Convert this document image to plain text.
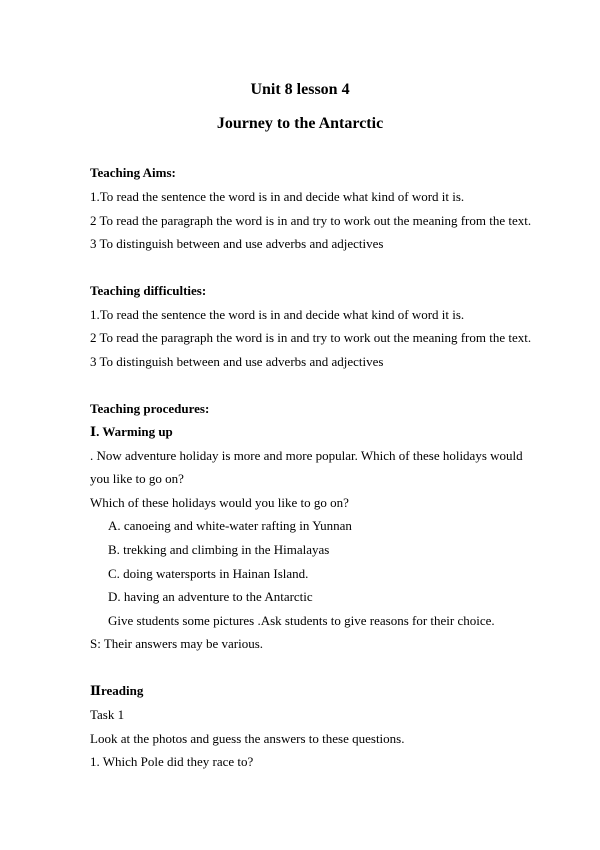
Unit 8 lesson 4
Journey to the Antarctic
Teaching Aims:
1.To read the sentence the word is in and decide what kind of word it is.
2 To read the paragraph the word is in and try to work out the meaning from the text.
3 To distinguish between and use adverbs and adjectives
Teaching difficulties:
1.To read the sentence the word is in and decide what kind of word it is.
2 To read the paragraph the word is in and try to work out the meaning from the text.
3 To distinguish between and use adverbs and adjectives
Teaching procedures:
Ⅰ. Warming up
. Now adventure holiday is more and more popular. Which of these holidays would
you like to go on?
Which of these holidays would you like to go on?
A. canoeing and white-water rafting in Yunnan
B. trekking and climbing in the Himalayas
C. doing watersports in Hainan Island.
D. having an adventure to the Antarctic
Give students some pictures .Ask students to give reasons for their choice.
S: Their answers may be various.
Ⅱreading
Task 1
Look at the photos and guess the answers to these questions.
1. Which Pole did they race to?
